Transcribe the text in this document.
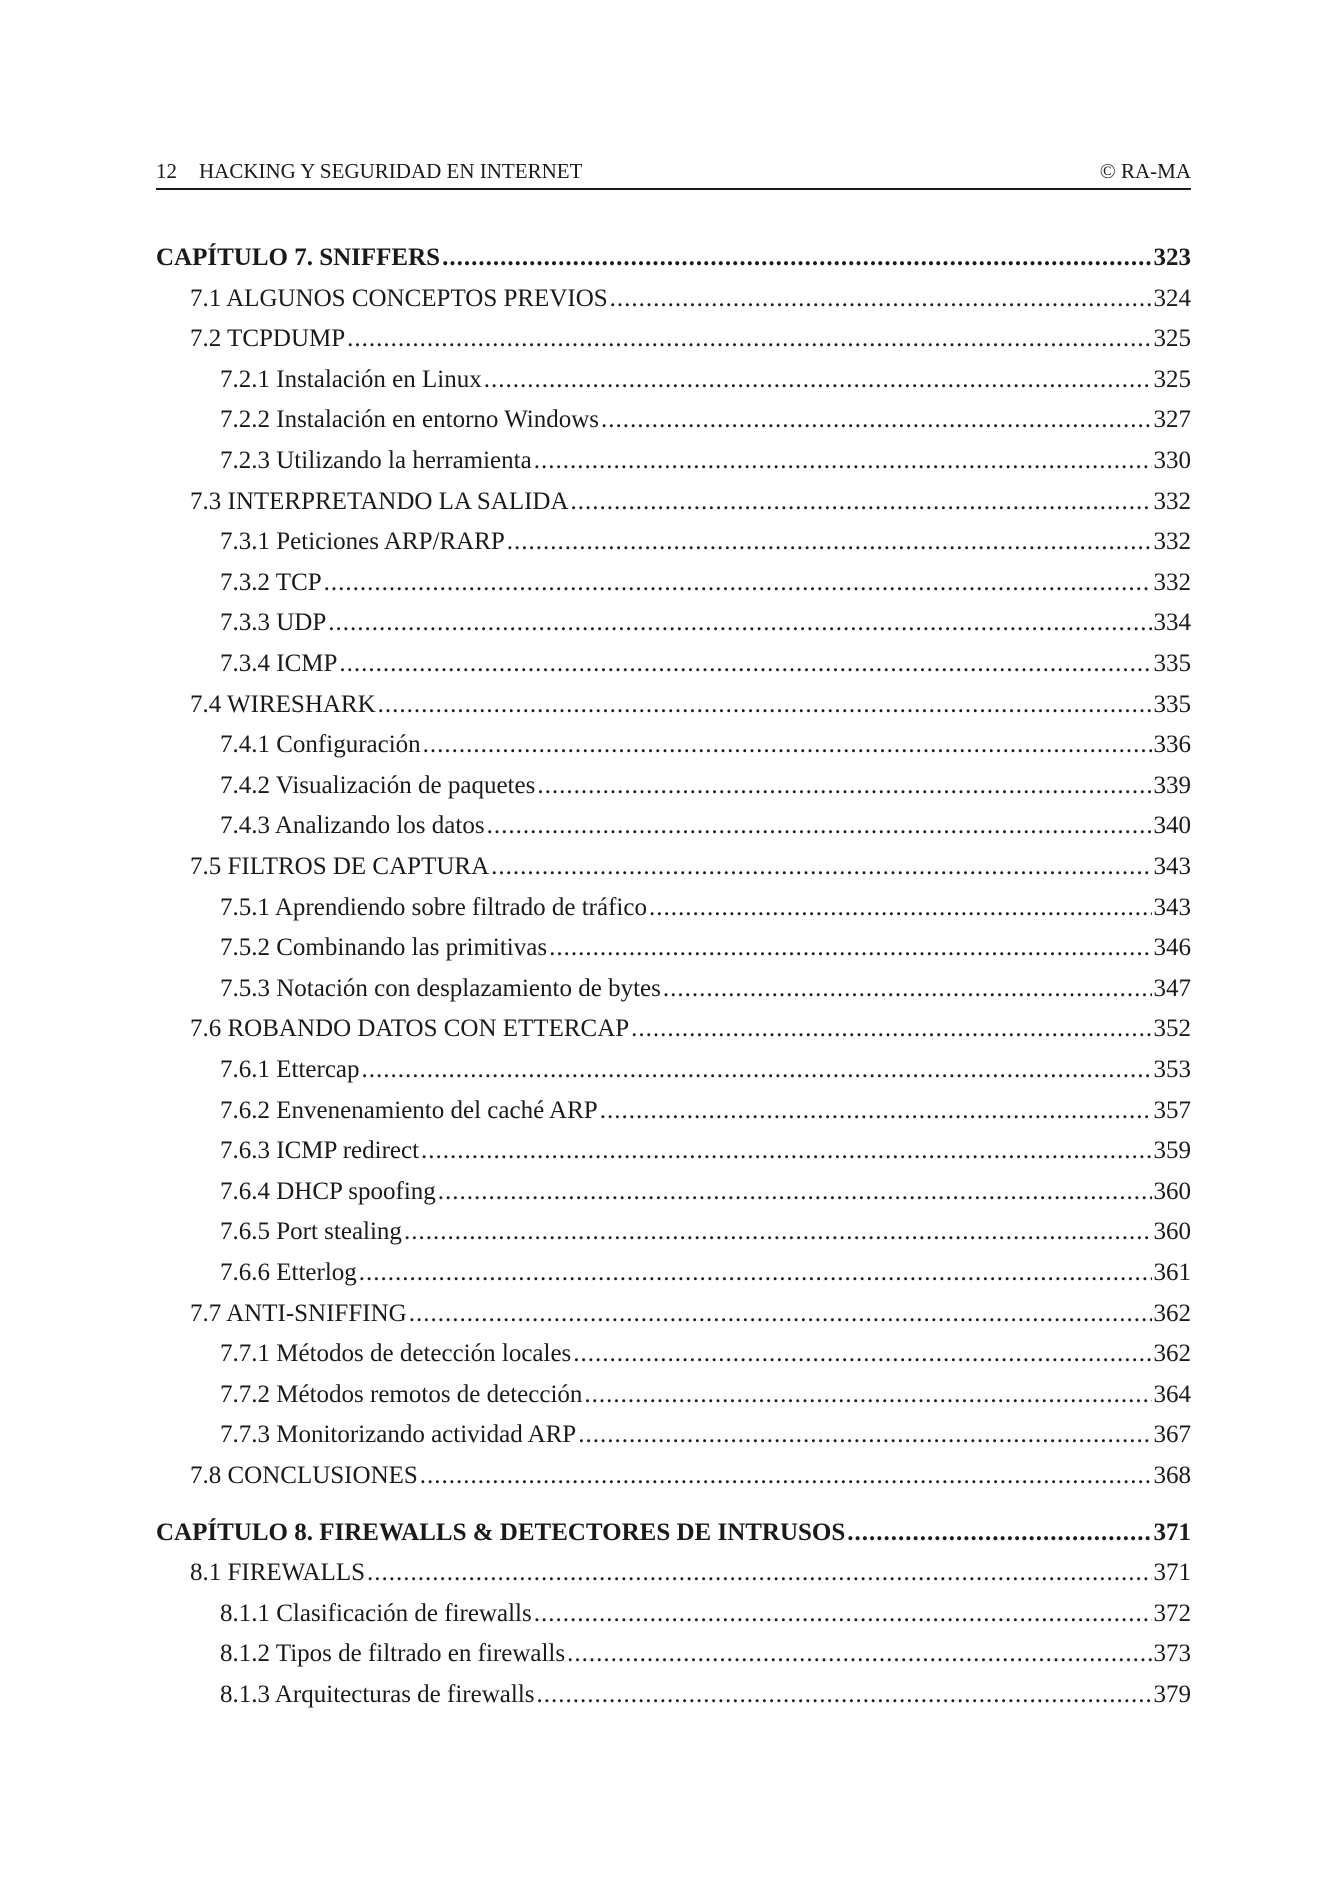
12 HACKING Y SEGURIDAD EN INTERNET	© RA-MA
CAPÍTULO 7. SNIFFERS .....	323
7.1 ALGUNOS CONCEPTOS PREVIOS .....	324
7.2 TCPDUMP .....	325
7.2.1 Instalación en Linux .....	325
7.2.2 Instalación en entorno Windows .....	327
7.2.3 Utilizando la herramienta .....	330
7.3 INTERPRETANDO LA SALIDA .....	332
7.3.1 Peticiones ARP/RARP .....	332
7.3.2 TCP .....	332
7.3.3 UDP .....	334
7.3.4 ICMP .....	335
7.4 WIRESHARK .....	335
7.4.1 Configuración .....	336
7.4.2 Visualización de paquetes .....	339
7.4.3 Analizando los datos .....	340
7.5 FILTROS DE CAPTURA .....	343
7.5.1 Aprendiendo sobre filtrado de tráfico .....	343
7.5.2 Combinando las primitivas .....	346
7.5.3 Notación con desplazamiento de bytes .....	347
7.6 ROBANDO DATOS CON ETTERCAP .....	352
7.6.1 Ettercap .....	353
7.6.2 Envenenamiento del caché ARP .....	357
7.6.3 ICMP redirect .....	359
7.6.4 DHCP spoofing .....	360
7.6.5 Port stealing .....	360
7.6.6 Etterlog .....	361
7.7 ANTI-SNIFFING .....	362
7.7.1 Métodos de detección locales .....	362
7.7.2 Métodos remotos de detección .....	364
7.7.3 Monitorizando actividad ARP .....	367
7.8 CONCLUSIONES .....	368
CAPÍTULO 8. FIREWALLS & DETECTORES DE INTRUSOS .....	371
8.1 FIREWALLS .....	371
8.1.1 Clasificación de firewalls .....	372
8.1.2 Tipos de filtrado en firewalls .....	373
8.1.3 Arquitecturas de firewalls .....	379
